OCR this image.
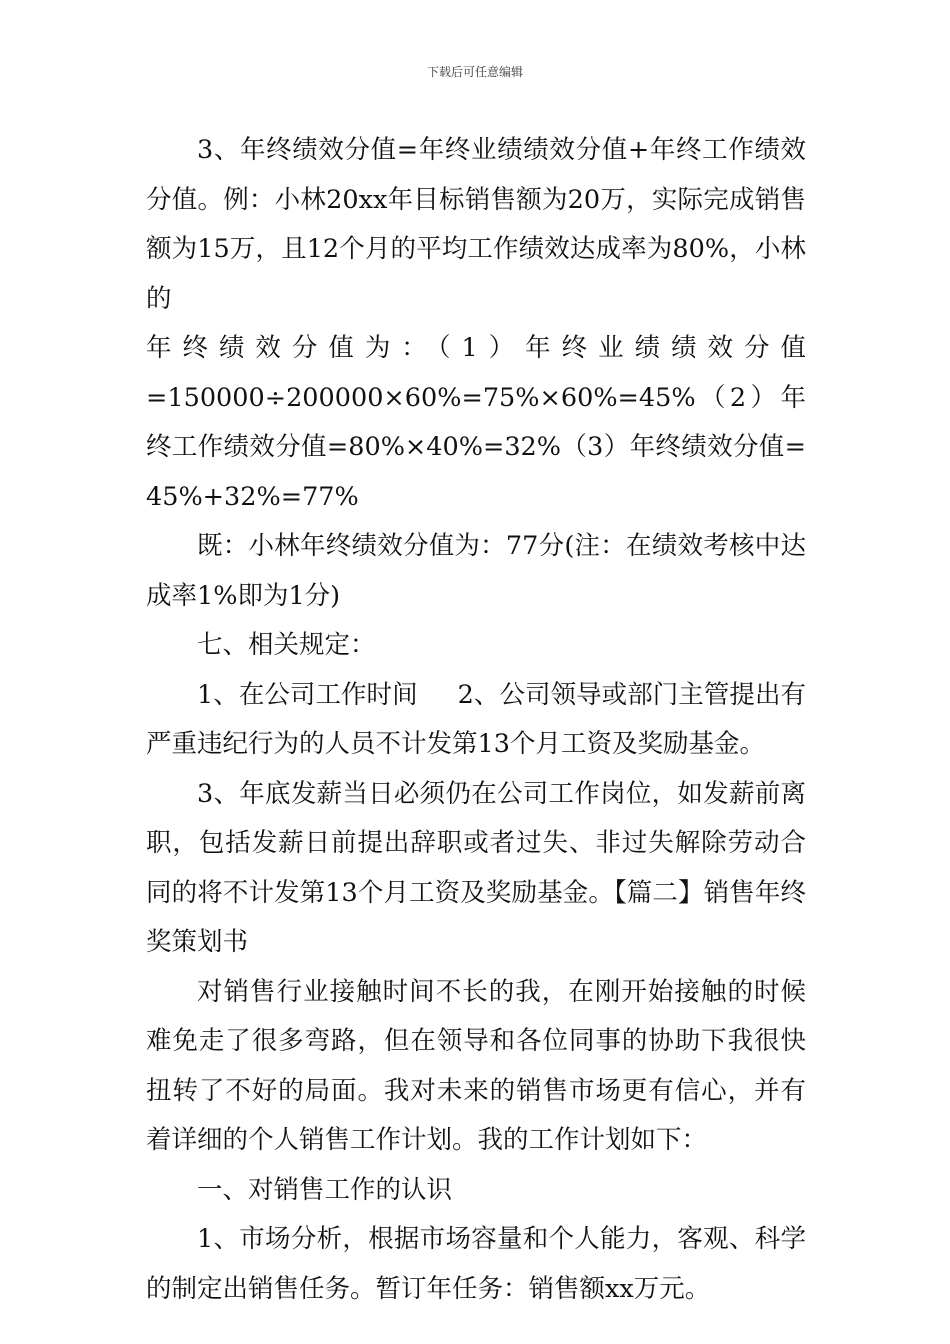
下载后可任意编辑
3、年终绩效分值=年终业绩绩效分值+年终工作绩效分值。例：小林20xx年目标销售额为20万，实际完成销售额为15万，且12个月的平均工作绩效达成率为80%，小林的
年终绩效分值为：（1）年终业绩绩效分值
=150000÷200000×60%=75%×60%=45%（2）年终工作绩效分值=80%×40%=32%（3）年终绩效分值=45%+32%=77%

既：小林年终绩效分值为：77分(注：在绩效考核中达成率1%即为1分)

七、相关规定：

1、在公司工作时间 2、公司领导或部门主管提出有严重违纪行为的人员不计发第13个月工资及奖励基金。

3、年底发薪当日必须仍在公司工作岗位，如发薪前离职，包括发薪日前提出辞职或者过失、非过失解除劳动合同的将不计发第13个月工资及奖励基金。【篇二】销售年终奖策划书

对销售行业接触时间不长的我，在刚开始接触的时候难免走了很多弯路，但在领导和各位同事的协助下我很快扭转了不好的局面。我对未来的销售市场更有信心，并有着详细的个人销售工作计划。我的工作计划如下：

一、对销售工作的认识

1、市场分析，根据市场容量和个人能力，客观、科学的制定出销售任务。暂订年任务：销售额xx万元。
